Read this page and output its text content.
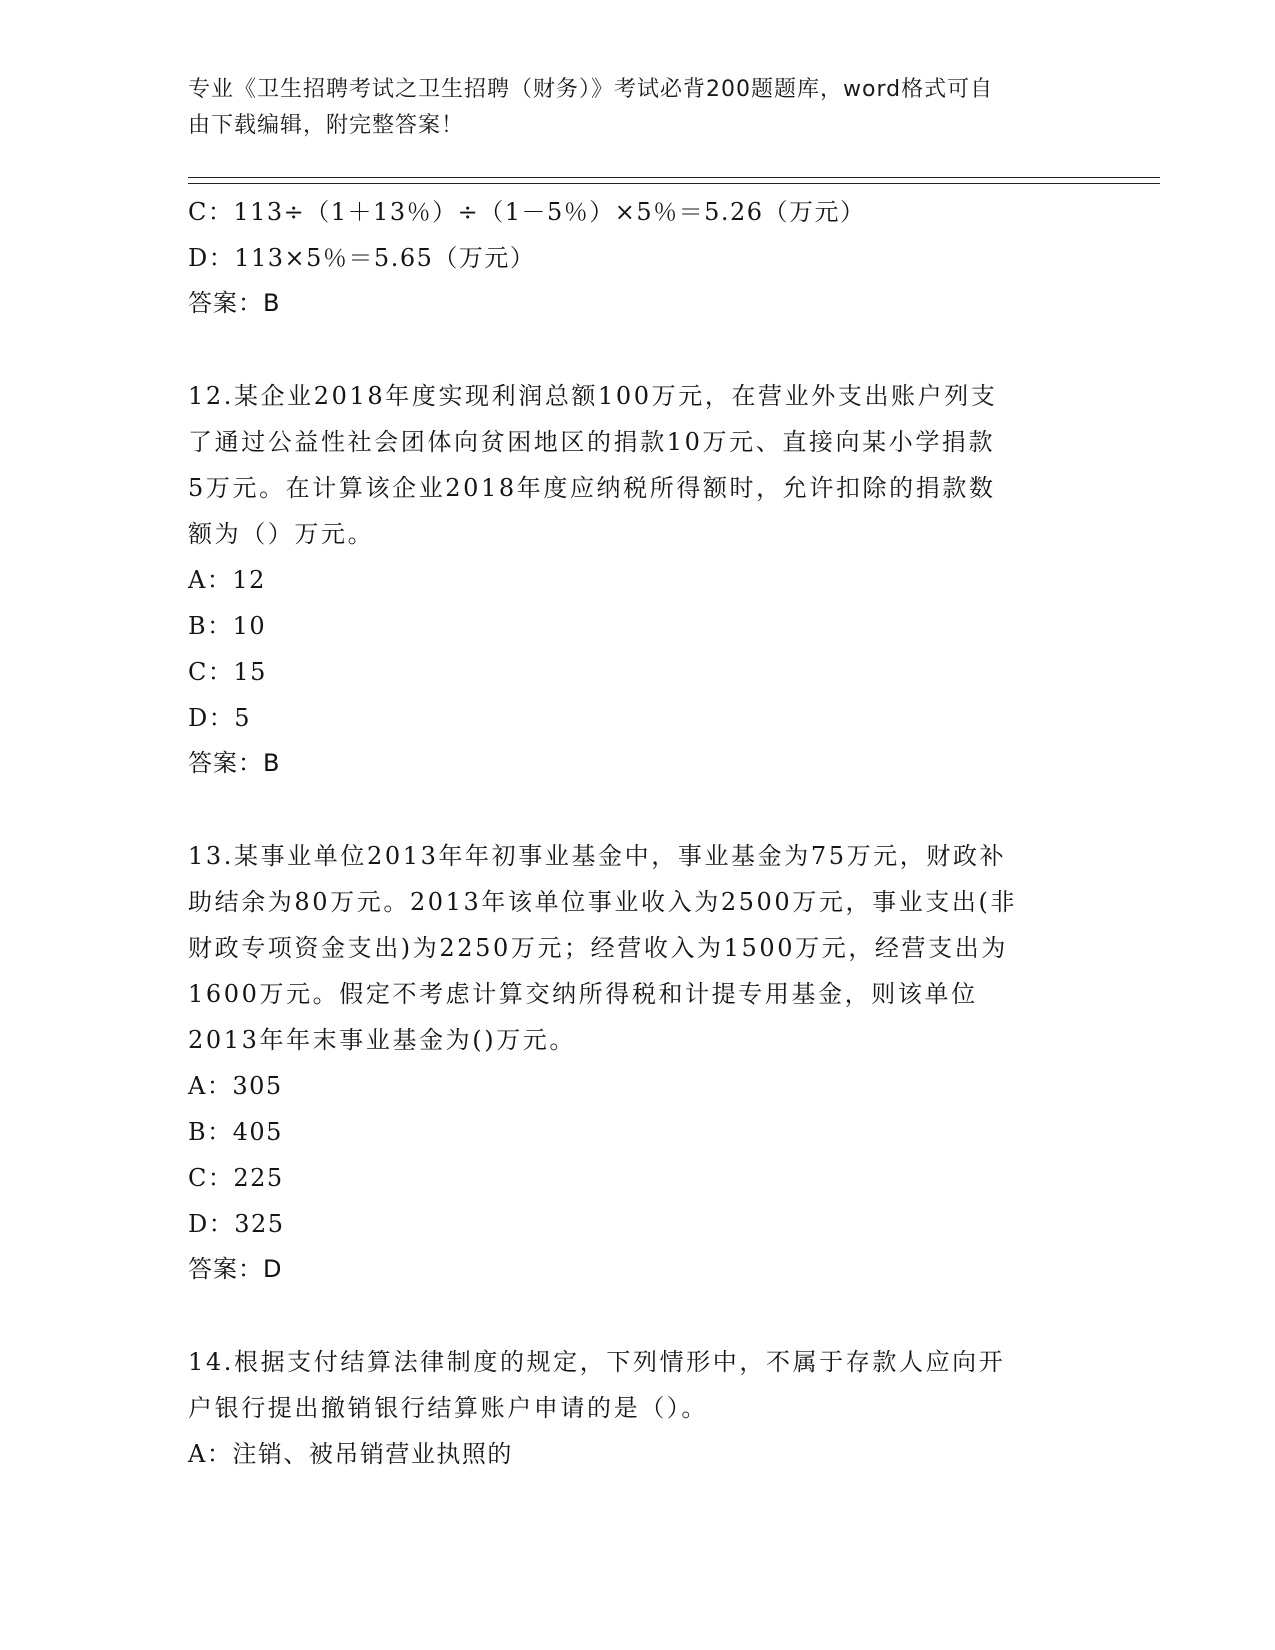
专业《卫生招聘考试之卫生招聘（财务）》考试必背200题题库，word格式可自
由下载编辑，附完整答案！
C：113÷（1＋13％）÷（1－5％）×5％＝5.26（万元）
D：113×5％＝5.65（万元）
答案：B
12.某企业2018年度实现利润总额100万元，在营业外支出账户列支
了通过公益性社会团体向贫困地区的捐款10万元、直接向某小学捐款
5万元。在计算该企业2018年度应纳税所得额时，允许扣除的捐款数
额为（）万元。
A：12
B：10
C：15
D：5
答案：B
13.某事业单位2013年年初事业基金中，事业基金为75万元，财政补
助结余为80万元。2013年该单位事业收入为2500万元，事业支出(非
财政专项资金支出)为2250万元；经营收入为1500万元，经营支出为
1600万元。假定不考虑计算交纳所得税和计提专用基金，则该单位
2013年年末事业基金为()万元。
A：305
B：405
C：225
D：325
答案：D
14.根据支付结算法律制度的规定，下列情形中，不属于存款人应向开
户银行提出撤销银行结算账户申请的是（）。
A：注销、被吊销营业执照的
